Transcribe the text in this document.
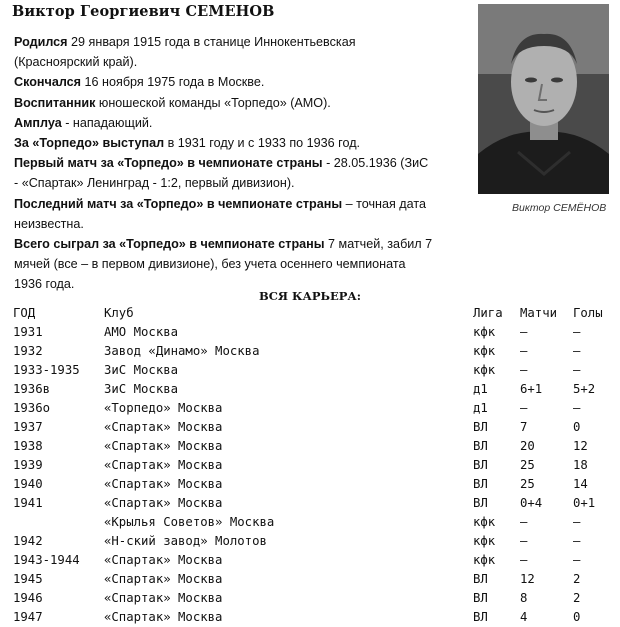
Виктор Георгиевич СЕМЕНОВ

Родился 29 января 1915 года в станице Иннокентьевская (Красноярский край).

Скончался 16 ноября 1975 года в Москве.

Воспитанник юношеской команды «Торпедо» (АМО).

Амплуа - нападающий.

За «Торпедо» выступал в 1931 году и с 1933 по 1936 год.

Первый матч за «Торпедо» в чемпионате страны - 28.05.1936 (ЗиС - «Спартак» Ленинград - 1:2, первый дивизион).

Последний матч за «Торпедо» в чемпионате страны – точная дата неизвестна.

Всего сыграл за «Торпедо» в чемпионате страны 7 матчей, забил 7 мячей (все – в первом дивизионе), без учета осеннего чемпионата 1936 года.

Виктор СЕМЁНОВ
ВСЯ КАРЬЕРА:
ГОД	Клуб	Лига	Матчи	Голы
1931	АМО Москва	кфк	–	–
1932	Завод «Динамо» Москва	кфк	–	–
1933-1935	ЗиС Москва	кфк	–	–
1936в	ЗиС Москва	д1	6+1	5+2
1936о	«Торпедо» Москва	д1	–	–
1937	«Спартак» Москва	ВЛ	7	0
1938	«Спартак» Москва	ВЛ	20	12
1939	«Спартак» Москва	ВЛ	25	18
1940	«Спартак» Москва	ВЛ	25	14
1941	«Спартак» Москва	ВЛ	0+4	0+1
	«Крылья Советов» Москва	кфк	–	–
1942	«Н-ский завод» Молотов	кфк	–	–
1943-1944	«Спартак» Москва	кфк	–	–
1945	«Спартак» Москва	ВЛ	12	2
1946	«Спартак» Москва	ВЛ	8	2
1947	«Спартак» Москва	ВЛ	4	0
